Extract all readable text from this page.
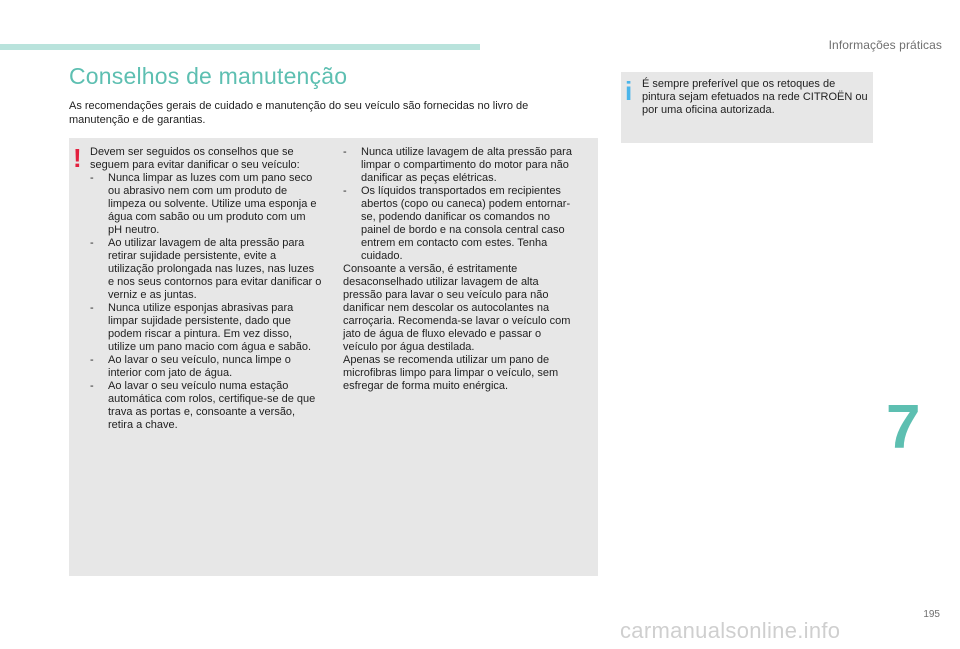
Informações práticas
Conselhos de manutenção
As recomendações gerais de cuidado e manutenção do seu veículo são fornecidas no livro de manutenção e de garantias.
!
i

Devem ser seguidos os conselhos que se seguem para evitar danificar o seu veículo:

- Nunca limpar as luzes com um pano seco ou abrasivo nem com um produto de limpeza ou solvente. Utilize uma esponja e água com sabão ou um produto com um pH neutro.
- Ao utilizar lavagem de alta pressão para retirar sujidade persistente, evite a utilização prolongada nas luzes, nas luzes e nos seus contornos para evitar danificar o verniz e as juntas.
- Nunca utilize esponjas abrasivas para limpar sujidade persistente, dado que podem riscar a pintura. Em vez disso, utilize um pano macio com água e sabão.
- Ao lavar o seu veículo, nunca limpe o interior com jato de água.
- Ao lavar o seu veículo numa estação automática com rolos, certifique-se de que trava as portas e, consoante a versão, retira a chave.
- Nunca utilize lavagem de alta pressão para limpar o compartimento do motor para não danificar as peças elétricas.
- Os líquidos transportados em recipientes abertos (copo ou caneca) podem entornar-se, podendo danificar os comandos no painel de bordo e na consola central caso entrem em contacto com estes. Tenha cuidado.

Consoante a versão, é estritamente desaconselhado utilizar lavagem de alta pressão para lavar o seu veículo para não danificar nem descolar os autocolantes na carroçaria. Recomenda-se lavar o veículo com jato de água de fluxo elevado e passar o veículo por água destilada.

Apenas se recomenda utilizar um pano de microfibras limpo para limpar o veículo, sem esfregar de forma muito enérgica.

É sempre preferível que os retoques de pintura sejam efetuados na rede CITROËN ou por uma oficina autorizada.
7
195
carmanualsonline.info
